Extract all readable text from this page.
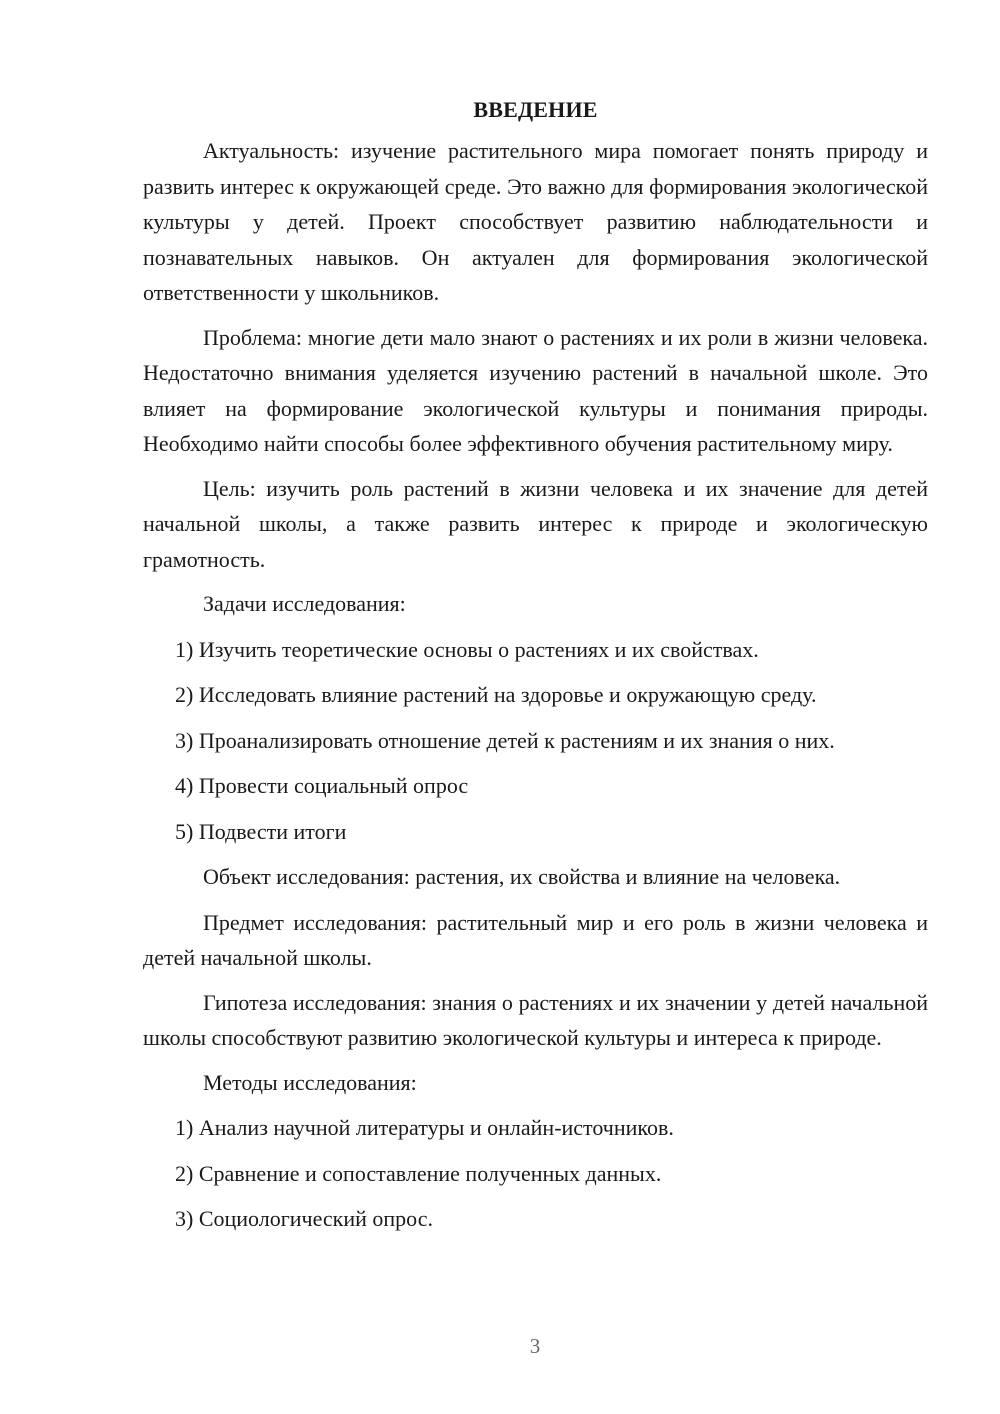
ВВЕДЕНИЕ

Актуальность: изучение растительного мира помогает понять природу и развить интерес к окружающей среде. Это важно для формирования экологической культуры у детей. Проект способствует развитию наблюдательности и познавательных навыков. Он актуален для формирования экологической ответственности у школьников.

Проблема: многие дети мало знают о растениях и их роли в жизни человека. Недостаточно внимания уделяется изучению растений в начальной школе. Это влияет на формирование экологической культуры и понимания природы. Необходимо найти способы более эффективного обучения растительному миру.

Цель: изучить роль растений в жизни человека и их значение для детей начальной школы, а также развить интерес к природе и экологическую грамотность.

Задачи исследования:
1) Изучить теоретические основы о растениях и их свойствах.
2) Исследовать влияние растений на здоровье и окружающую среду.
3) Проанализировать отношение детей к растениям и их знания о них.
4) Провести социальный опрос
5) Подвести итоги
Объект исследования: растения, их свойства и влияние на человека.

Предмет исследования: растительный мир и его роль в жизни человека и детей начальной школы.

Гипотеза исследования: знания о растениях и их значении у детей начальной школы способствуют развитию экологической культуры и интереса к природе.

Методы исследования:
1) Анализ научной литературы и онлайн-источников.
2) Сравнение и сопоставление полученных данных.
3) Социологический опрос.
3
